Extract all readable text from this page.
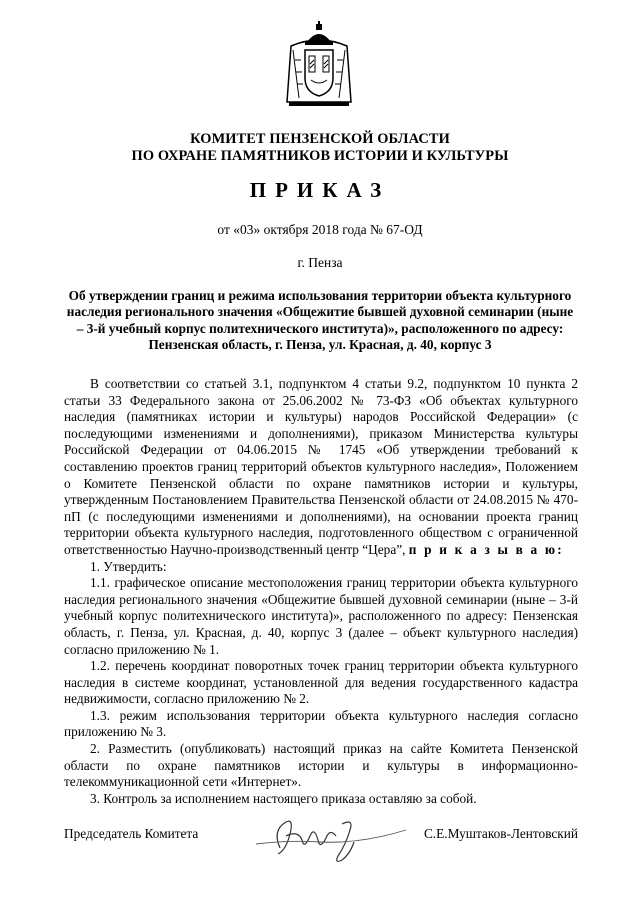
КОМИТЕТ ПЕНЗЕНСКОЙ ОБЛАСТИ
ПО ОХРАНЕ ПАМЯТНИКОВ ИСТОРИИ И КУЛЬТУРЫ
ПРИКАЗ
от «03» октября 2018 года № 67-ОД
г. Пенза
Об утверждении границ и режима использования территории объекта культурного наследия регионального значения «Общежитие бывшей духовной семинарии (ныне – 3-й учебный корпус политехнического института)», расположенного по адресу: Пензенская область, г. Пенза, ул. Красная, д. 40, корпус 3

В соответствии со статьей 3.1, подпунктом 4 статьи 9.2, подпунктом 10 пункта 2 статьи 33 Федерального закона от 25.06.2002 № 73-ФЗ «Об объектах культурного наследия (памятниках истории и культуры) народов Российской Федерации» (с последующими изменениями и дополнениями), приказом Министерства культуры Российской Федерации от 04.06.2015 № 1745 «Об утверждении требований к составлению проектов границ территорий объектов культурного наследия», Положением о Комитете Пензенской области по охране памятников истории и культуры, утвержденным Постановлением Правительства Пензенской области от 24.08.2015 № 470-пП (с последующими изменениями и дополнениями), на основании проекта границ территории объекта культурного наследия, подготовленного обществом с ограниченной ответственностью Научно-производственный центр “Цера”, п р и к а з ы в а ю:

1. Утвердить:

1.1. графическое описание местоположения границ территории объекта культурного наследия регионального значения «Общежитие бывшей духовной семинарии (ныне – 3-й учебный корпус политехнического института)», расположенного по адресу: Пензенская область, г. Пенза, ул. Красная, д. 40, корпус 3 (далее – объект культурного наследия) согласно приложению № 1.

1.2. перечень координат поворотных точек границ территории объекта культурного наследия в системе координат, установленной для ведения государственного кадастра недвижимости, согласно приложению № 2.

1.3. режим использования территории объекта культурного наследия согласно приложению № 3.

2. Разместить (опубликовать) настоящий приказ на сайте Комитета Пензенской области по охране памятников истории и культуры в информационно-телекоммуникационной сети «Интернет».

3. Контроль за исполнением настоящего приказа оставляю за собой.

Председатель Комитета	С.Е.Муштаков-Лентовский
